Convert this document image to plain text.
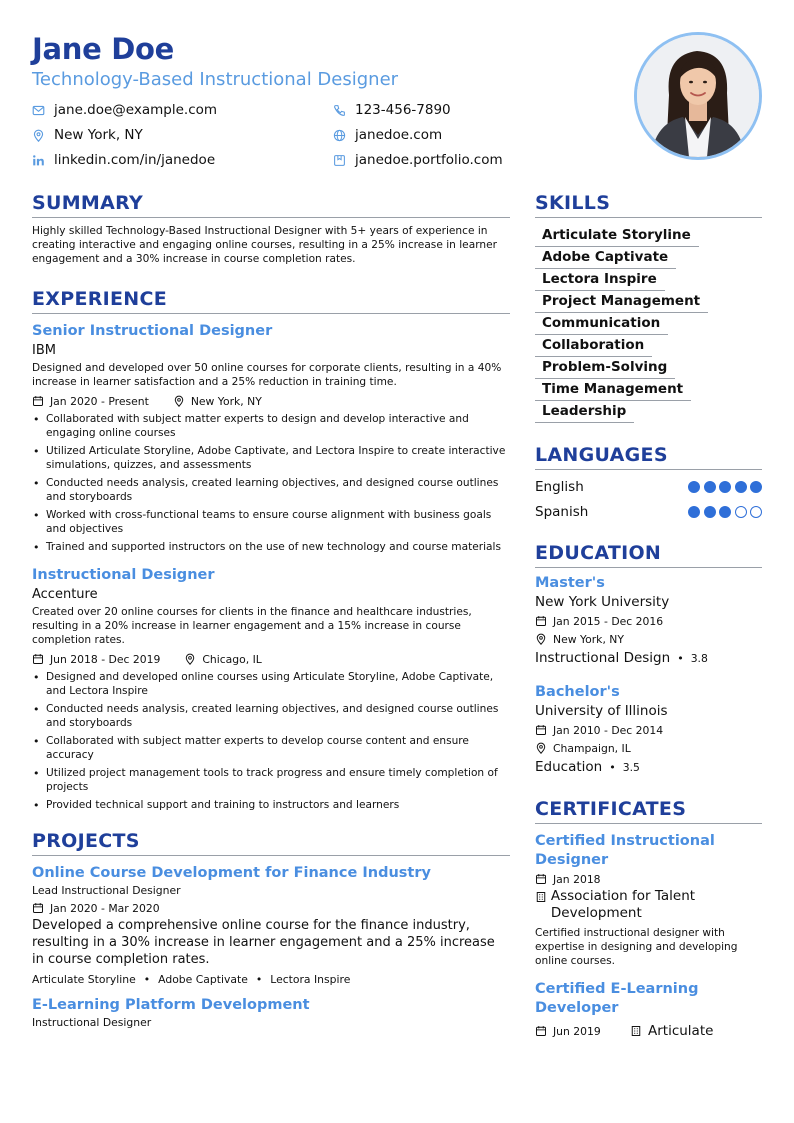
Jane Doe
Technology-Based Instructional Designer
jane.doe@example.com	123-456-7890
New York, NY	janedoe.com
linkedin.com/in/janedoe	janedoe.portfolio.com
SUMMARY
Highly skilled Technology-Based Instructional Designer with 5+ years of experience in creating interactive and engaging online courses, resulting in a 25% increase in learner engagement and a 30% increase in course completion rates.
EXPERIENCE
Senior Instructional Designer
IBM
Designed and developed over 50 online courses for corporate clients, resulting in a 40% increase in learner satisfaction and a 25% reduction in training time.
Jan 2020 - Present	New York, NY
• Collaborated with subject matter experts to design and develop interactive and engaging online courses
• Utilized Articulate Storyline, Adobe Captivate, and Lectora Inspire to create interactive simulations, quizzes, and assessments
• Conducted needs analysis, created learning objectives, and designed course outlines and storyboards
• Worked with cross-functional teams to ensure course alignment with business goals and objectives
• Trained and supported instructors on the use of new technology and course materials
Instructional Designer
Accenture
Created over 20 online courses for clients in the finance and healthcare industries, resulting in a 20% increase in learner engagement and a 15% increase in course completion rates.
Jun 2018 - Dec 2019	Chicago, IL
• Designed and developed online courses using Articulate Storyline, Adobe Captivate, and Lectora Inspire
• Conducted needs analysis, created learning objectives, and designed course outlines and storyboards
• Collaborated with subject matter experts to develop course content and ensure accuracy
• Utilized project management tools to track progress and ensure timely completion of projects
• Provided technical support and training to instructors and learners
PROJECTS
Online Course Development for Finance Industry
Lead Instructional Designer
Jan 2020 - Mar 2020
Developed a comprehensive online course for the finance industry, resulting in a 30% increase in learner engagement and a 25% increase in course completion rates.
Articulate Storyline • Adobe Captivate • Lectora Inspire
E-Learning Platform Development
Instructional Designer
SKILLS
Articulate Storyline
Adobe Captivate
Lectora Inspire
Project Management
Communication
Collaboration
Problem-Solving
Time Management
Leadership
LANGUAGES
English
Spanish
EDUCATION
Master's
New York University
Jan 2015 - Dec 2016
New York, NY
Instructional Design • 3.8
Bachelor's
University of Illinois
Jan 2010 - Dec 2014
Champaign, IL
Education • 3.5
CERTIFICATES
Certified Instructional Designer
Jan 2018
Association for Talent Development
Certified instructional designer with expertise in designing and developing online courses.
Certified E-Learning Developer
Jun 2019	Articulate
